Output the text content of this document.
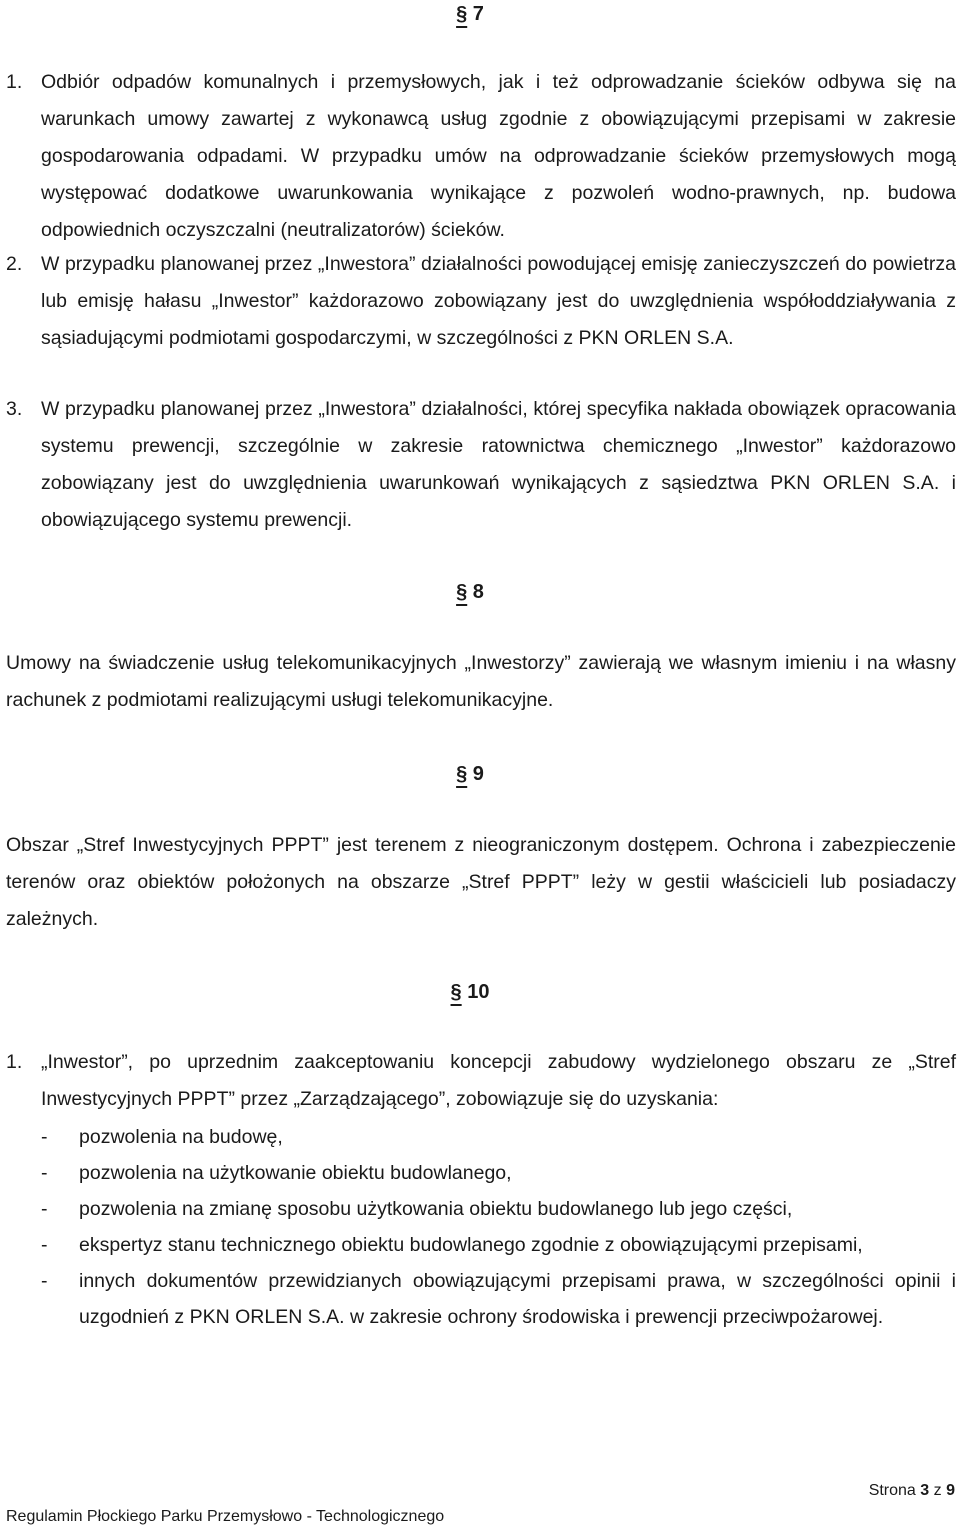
§ 7
1. Odbiór odpadów komunalnych i przemysłowych, jak i też odprowadzanie ścieków odbywa się na warunkach umowy zawartej z wykonawcą usług zgodnie z obowiązującymi przepisami w zakresie gospodarowania odpadami. W przypadku umów na odprowadzanie ścieków przemysłowych mogą występować dodatkowe uwarunkowania wynikające z pozwoleń wodno-prawnych, np. budowa odpowiednich oczyszczalni (neutralizatorów) ścieków.
2. W przypadku planowanej przez „Inwestora” działalności powodującej emisję zanieczyszczeń do powietrza lub emisję hałasu „Inwestor” każdorazowo zobowiązany jest do uwzględnienia współoddziaływania z sąsiadującymi podmiotami gospodarczymi, w szczególności z PKN ORLEN S.A.
3. W przypadku planowanej przez „Inwestora” działalności, której specyfika nakłada obowiązek opracowania systemu prewencji, szczególnie w zakresie ratownictwa chemicznego „Inwestor” każdorazowo zobowiązany jest do uwzględnienia uwarunkowań wynikających z sąsiedztwa PKN ORLEN S.A. i obowiązującego systemu prewencji.
§ 8
Umowy na świadczenie usług telekomunikacyjnych „Inwestorzy” zawierają we własnym imieniu i na własny rachunek z podmiotami realizującymi usługi telekomunikacyjne.
§ 9
Obszar „Stref Inwestycyjnych PPPT” jest terenem z nieograniczonym dostępem. Ochrona i zabezpieczenie terenów oraz obiektów położonych na obszarze „Stref PPPT” leży w gestii właścicieli lub posiadaczy zależnych.
§ 10
1. „Inwestor”, po uprzednim zaakceptowaniu koncepcji zabudowy wydzielonego obszaru ze „Stref Inwestycyjnych PPPT” przez „Zarządzającego”, zobowiązuje się do uzyskania:
- pozwolenia na budowę,
- pozwolenia na użytkowanie obiektu budowlanego,
- pozwolenia na zmianę sposobu użytkowania obiektu budowlanego lub jego części,
- ekspertyz stanu technicznego obiektu budowlanego zgodnie z obowiązującymi przepisami,
- innych dokumentów przewidzianych obowiązującymi przepisami prawa, w szczególności opinii i uzgodnień z PKN ORLEN S.A. w zakresie ochrony środowiska i prewencji przeciwpożarowej.
Strona 3 z 9
Regulamin Płockiego Parku Przemysłowo - Technologicznego
